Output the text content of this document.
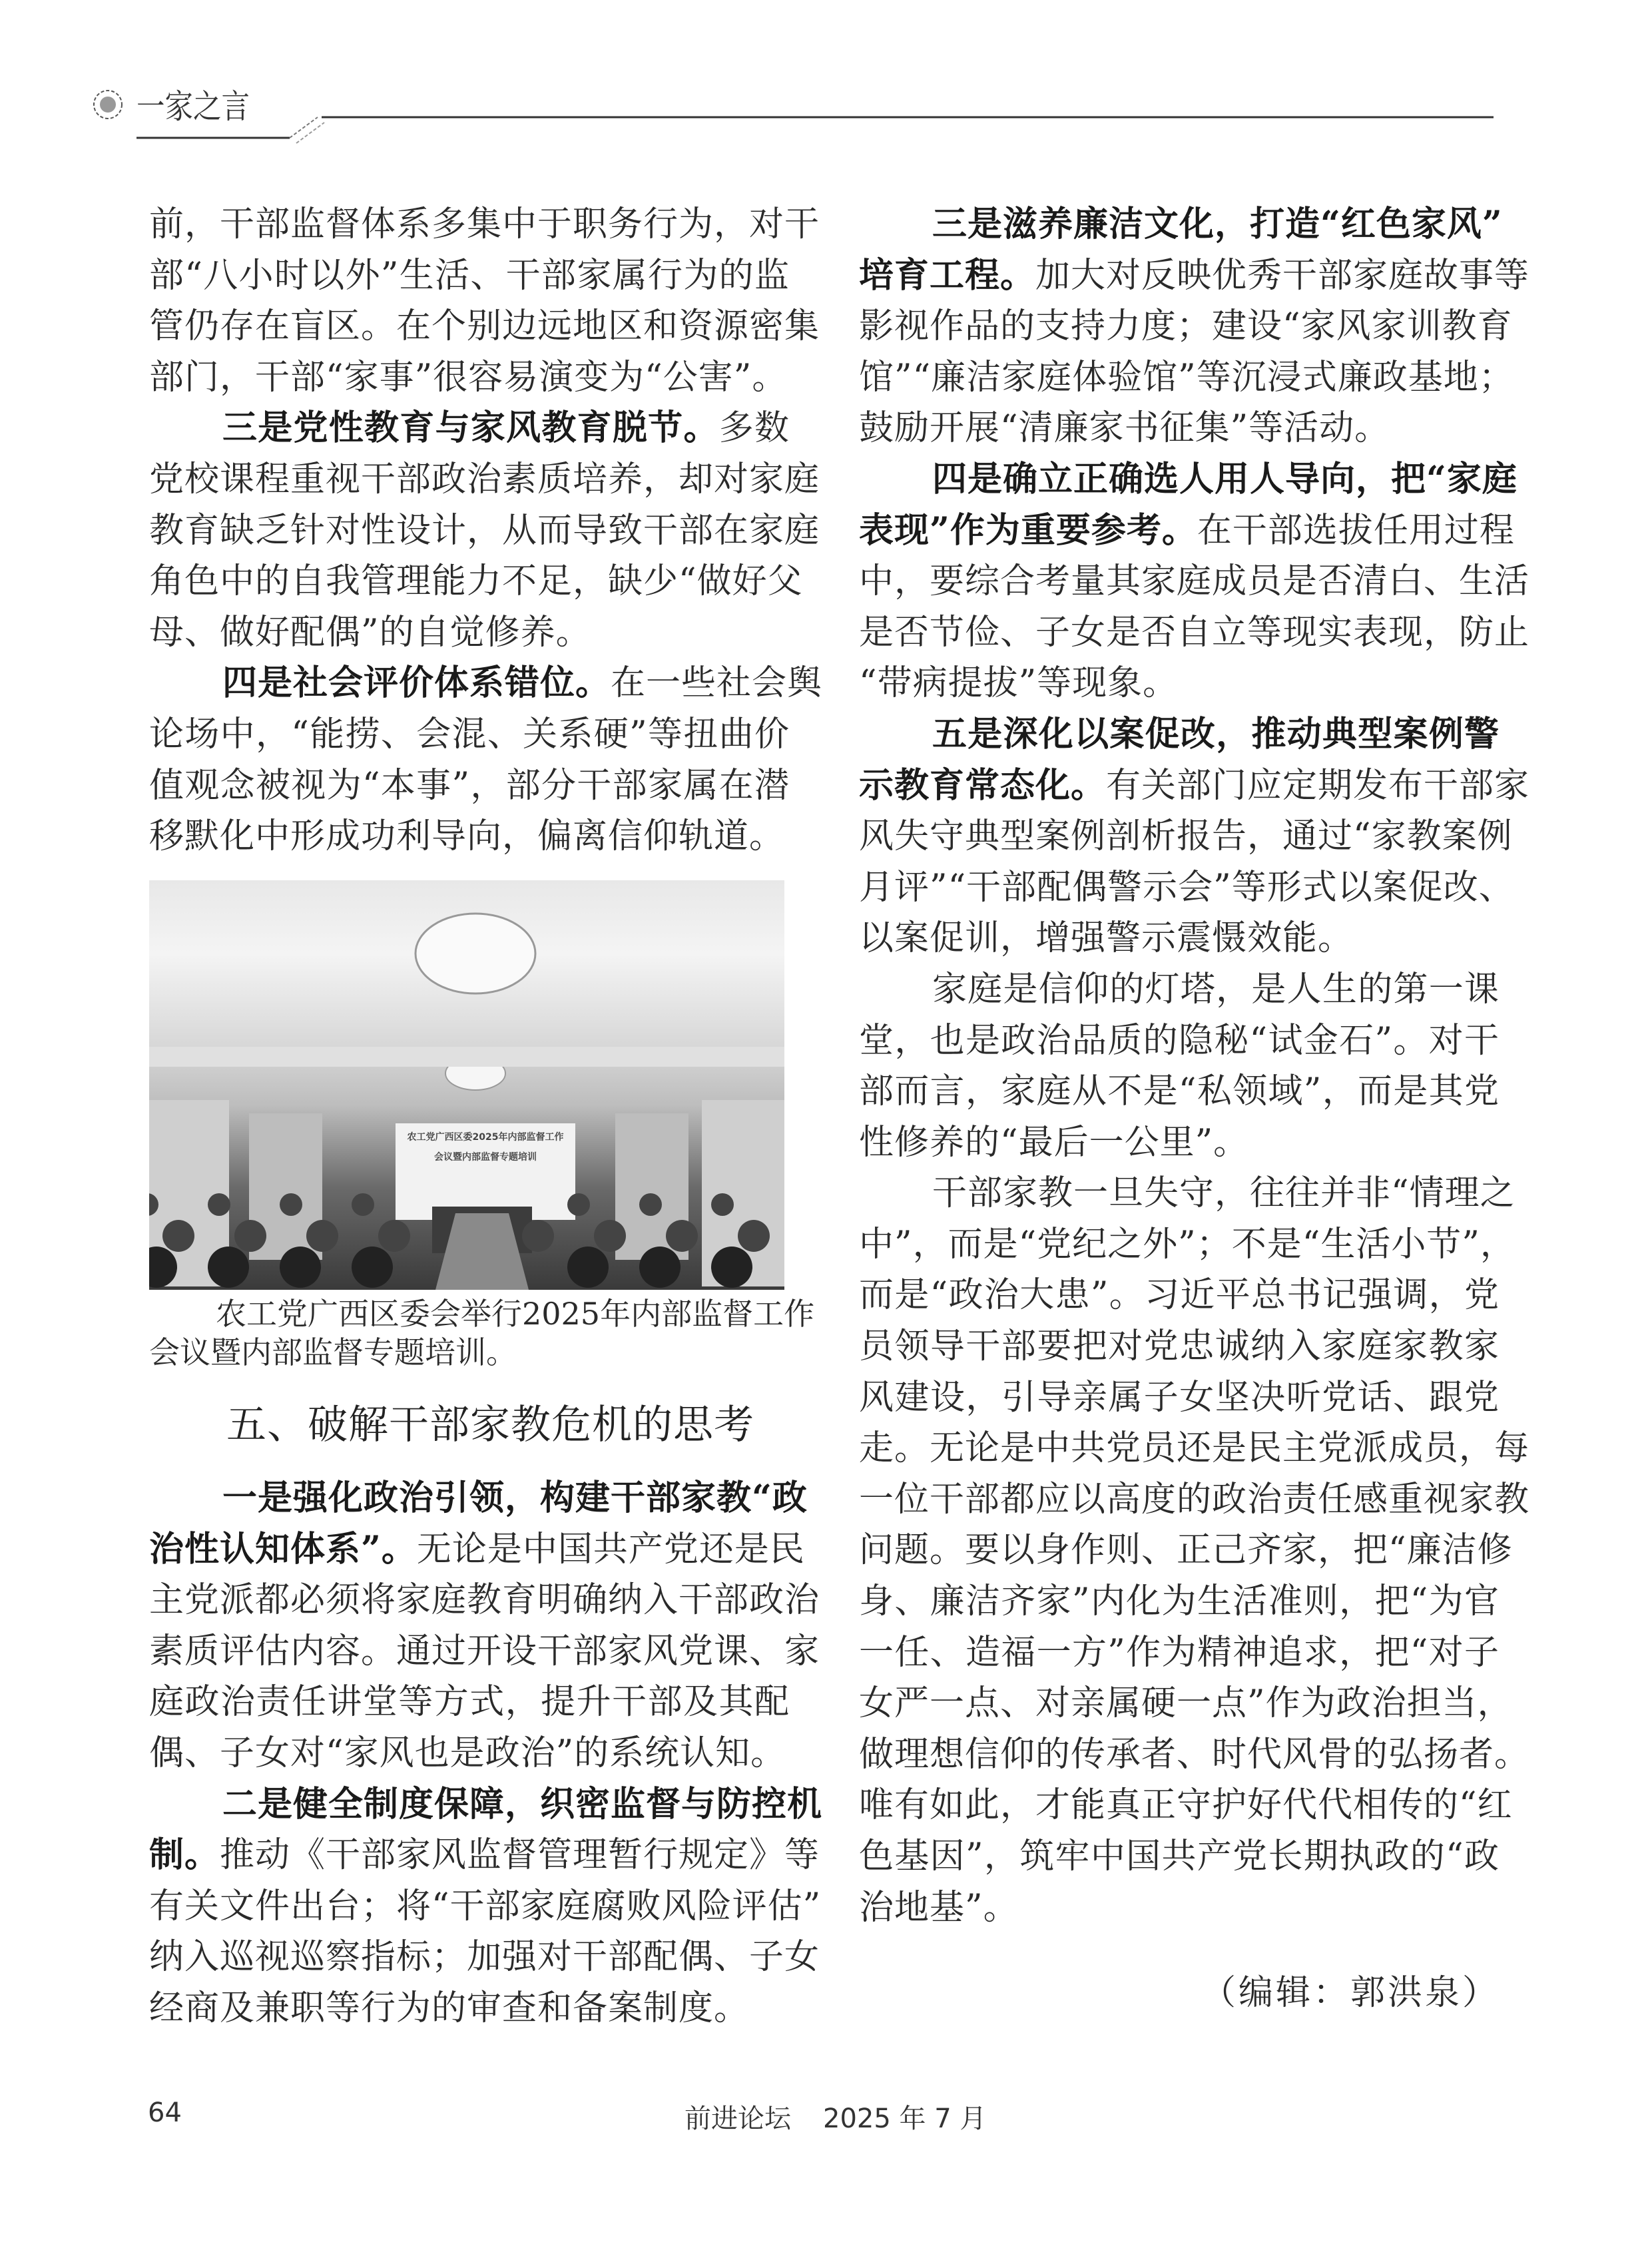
一家之言
前，干部监督体系多集中于职务行为，对干
部“八小时以外”生活、干部家属行为的监
管仍存在盲区。在个别边远地区和资源密集
部门，干部“家事”很容易演变为“公害”。
三是党性教育与家风教育脱节。多数
党校课程重视干部政治素质培养，却对家庭
教育缺乏针对性设计，从而导致干部在家庭
角色中的自我管理能力不足，缺少“做好父
母、做好配偶”的自觉修养。
四是社会评价体系错位。在一些社会舆
论场中，“能捞、会混、关系硬”等扭曲价
值观念被视为“本事”，部分干部家属在潜
移默化中形成功利导向，偏离信仰轨道。
农工党广西区委2025年内部监督工作
会议暨内部监督专题培训
农工党广西区委会举行2025年内部监督工作
会议暨内部监督专题培训。
五、破解干部家教危机的思考
一是强化政治引领，构建干部家教“政
治性认知体系”。无论是中国共产党还是民
主党派都必须将家庭教育明确纳入干部政治
素质评估内容。通过开设干部家风党课、家
庭政治责任讲堂等方式，提升干部及其配
偶、子女对“家风也是政治”的系统认知。
二是健全制度保障，织密监督与防控机
制。推动《干部家风监督管理暂行规定》等
有关文件出台；将“干部家庭腐败风险评估”
纳入巡视巡察指标；加强对干部配偶、子女
经商及兼职等行为的审查和备案制度。
三是滋养廉洁文化，打造“红色家风”
培育工程。加大对反映优秀干部家庭故事等
影视作品的支持力度；建设“家风家训教育
馆”“廉洁家庭体验馆”等沉浸式廉政基地；
鼓励开展“清廉家书征集”等活动。
四是确立正确选人用人导向，把“家庭
表现”作为重要参考。在干部选拔任用过程
中，要综合考量其家庭成员是否清白、生活
是否节俭、子女是否自立等现实表现，防止
“带病提拔”等现象。
五是深化以案促改，推动典型案例警
示教育常态化。有关部门应定期发布干部家
风失守典型案例剖析报告，通过“家教案例
月评”“干部配偶警示会”等形式以案促改、
以案促训，增强警示震慑效能。
家庭是信仰的灯塔，是人生的第一课
堂，也是政治品质的隐秘“试金石”。对干
部而言，家庭从不是“私领域”，而是其党
性修养的“最后一公里”。
干部家教一旦失守，往往并非“情理之
中”，而是“党纪之外”；不是“生活小节”，
而是“政治大患”。习近平总书记强调，党
员领导干部要把对党忠诚纳入家庭家教家
风建设，引导亲属子女坚决听党话、跟党
走。无论是中共党员还是民主党派成员，每
一位干部都应以高度的政治责任感重视家教
问题。要以身作则、正己齐家，把“廉洁修
身、廉洁齐家”内化为生活准则，把“为官
一任、造福一方”作为精神追求，把“对子
女严一点、对亲属硬一点”作为政治担当，
做理想信仰的传承者、时代风骨的弘扬者。
唯有如此，才能真正守护好代代相传的“红
色基因”，筑牢中国共产党长期执政的“政
治地基”。
（编辑：郭洪泉）
64	前进论坛 2025 年 7 月
